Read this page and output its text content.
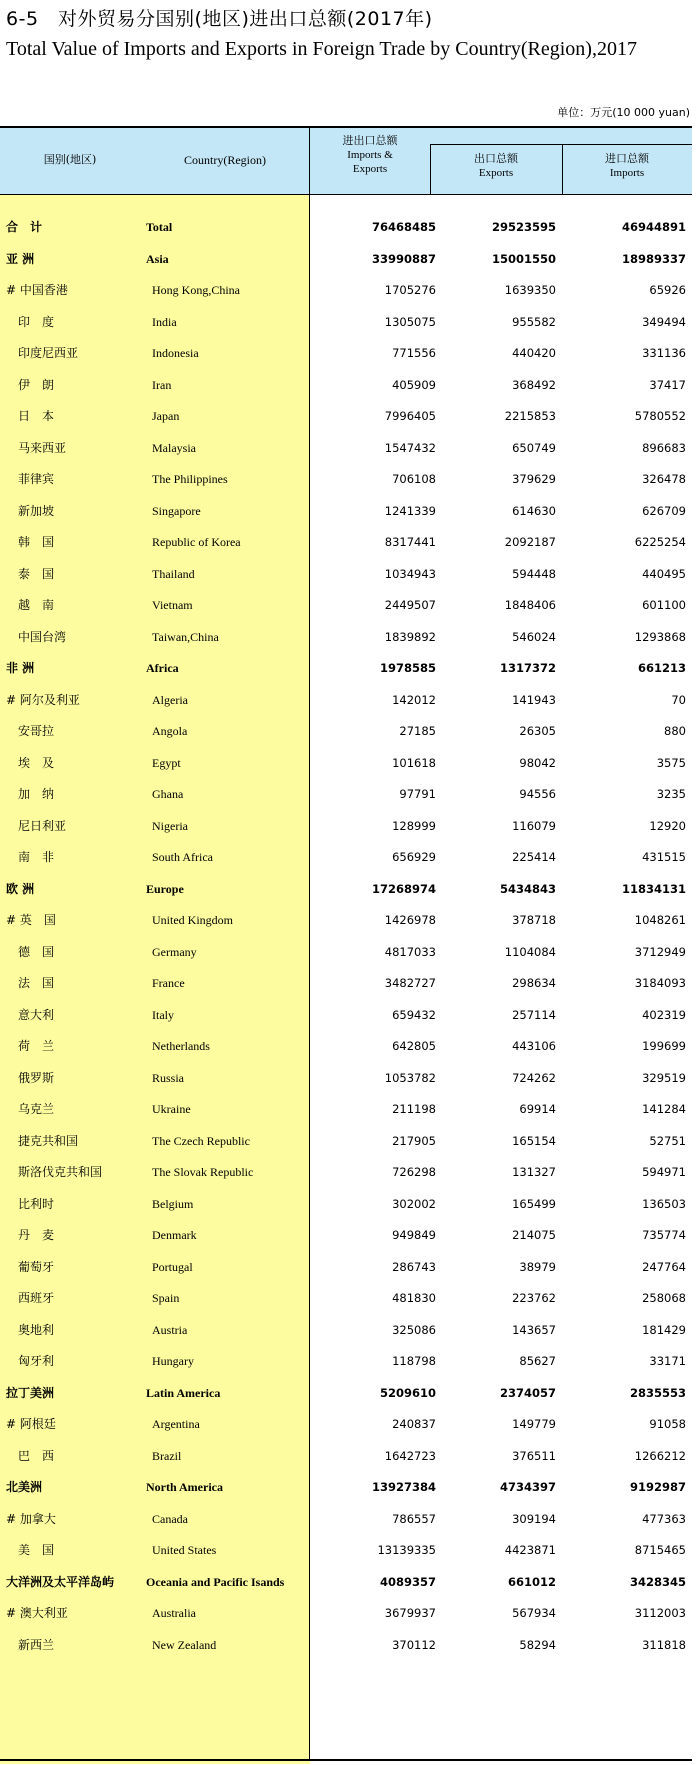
6-5　对外贸易分国别(地区)进出口总额(2017年)
Total Value of Imports and Exports in Foreign Trade by Country(Region),2017
单位：万元(10 000 yuan)
国别(地区)	Country(Region)
进出口总额
Imports &
Exports
出口总额
Exports
进口总额
Imports
合　计	Total	76468485	29523595	46944891
亚 洲	Asia	33990887	15001550	18989337
# 中国香港	Hong Kong,China	1705276	1639350	65926
　印　度	India	1305075	955582	349494
　印度尼西亚	Indonesia	771556	440420	331136
　伊　朗	Iran	405909	368492	37417
　日　本	Japan	7996405	2215853	5780552
　马来西亚	Malaysia	1547432	650749	896683
　菲律宾	The Philippines	706108	379629	326478
　新加坡	Singapore	1241339	614630	626709
　韩　国	Republic of Korea	8317441	2092187	6225254
　泰　国	Thailand	1034943	594448	440495
　越　南	Vietnam	2449507	1848406	601100
　中国台湾	Taiwan,China	1839892	546024	1293868
非 洲	Africa	1978585	1317372	661213
# 阿尔及利亚	Algeria	142012	141943	70
　安哥拉	Angola	27185	26305	880
　埃　及	Egypt	101618	98042	3575
　加　纳	Ghana	97791	94556	3235
　尼日利亚	Nigeria	128999	116079	12920
　南　非	South Africa	656929	225414	431515
欧 洲	Europe	17268974	5434843	11834131
# 英　国	United Kingdom	1426978	378718	1048261
　德　国	Germany	4817033	1104084	3712949
　法　国	France	3482727	298634	3184093
　意大利	Italy	659432	257114	402319
　荷　兰	Netherlands	642805	443106	199699
　俄罗斯	Russia	1053782	724262	329519
　乌克兰	Ukraine	211198	69914	141284
　捷克共和国	The Czech Republic	217905	165154	52751
　斯洛伐克共和国	The Slovak Republic	726298	131327	594971
　比利时	Belgium	302002	165499	136503
　丹　麦	Denmark	949849	214075	735774
　葡萄牙	Portugal	286743	38979	247764
　西班牙	Spain	481830	223762	258068
　奥地利	Austria	325086	143657	181429
　匈牙利	Hungary	118798	85627	33171
拉丁美洲	Latin America	5209610	2374057	2835553
# 阿根廷	Argentina	240837	149779	91058
　巴　西	Brazil	1642723	376511	1266212
北美洲	North America	13927384	4734397	9192987
# 加拿大	Canada	786557	309194	477363
　美　国	United States	13139335	4423871	8715465
大洋洲及太平洋岛屿	Oceania and Pacific Isands	4089357	661012	3428345
# 澳大利亚	Australia	3679937	567934	3112003
　新西兰	New Zealand	370112	58294	311818
